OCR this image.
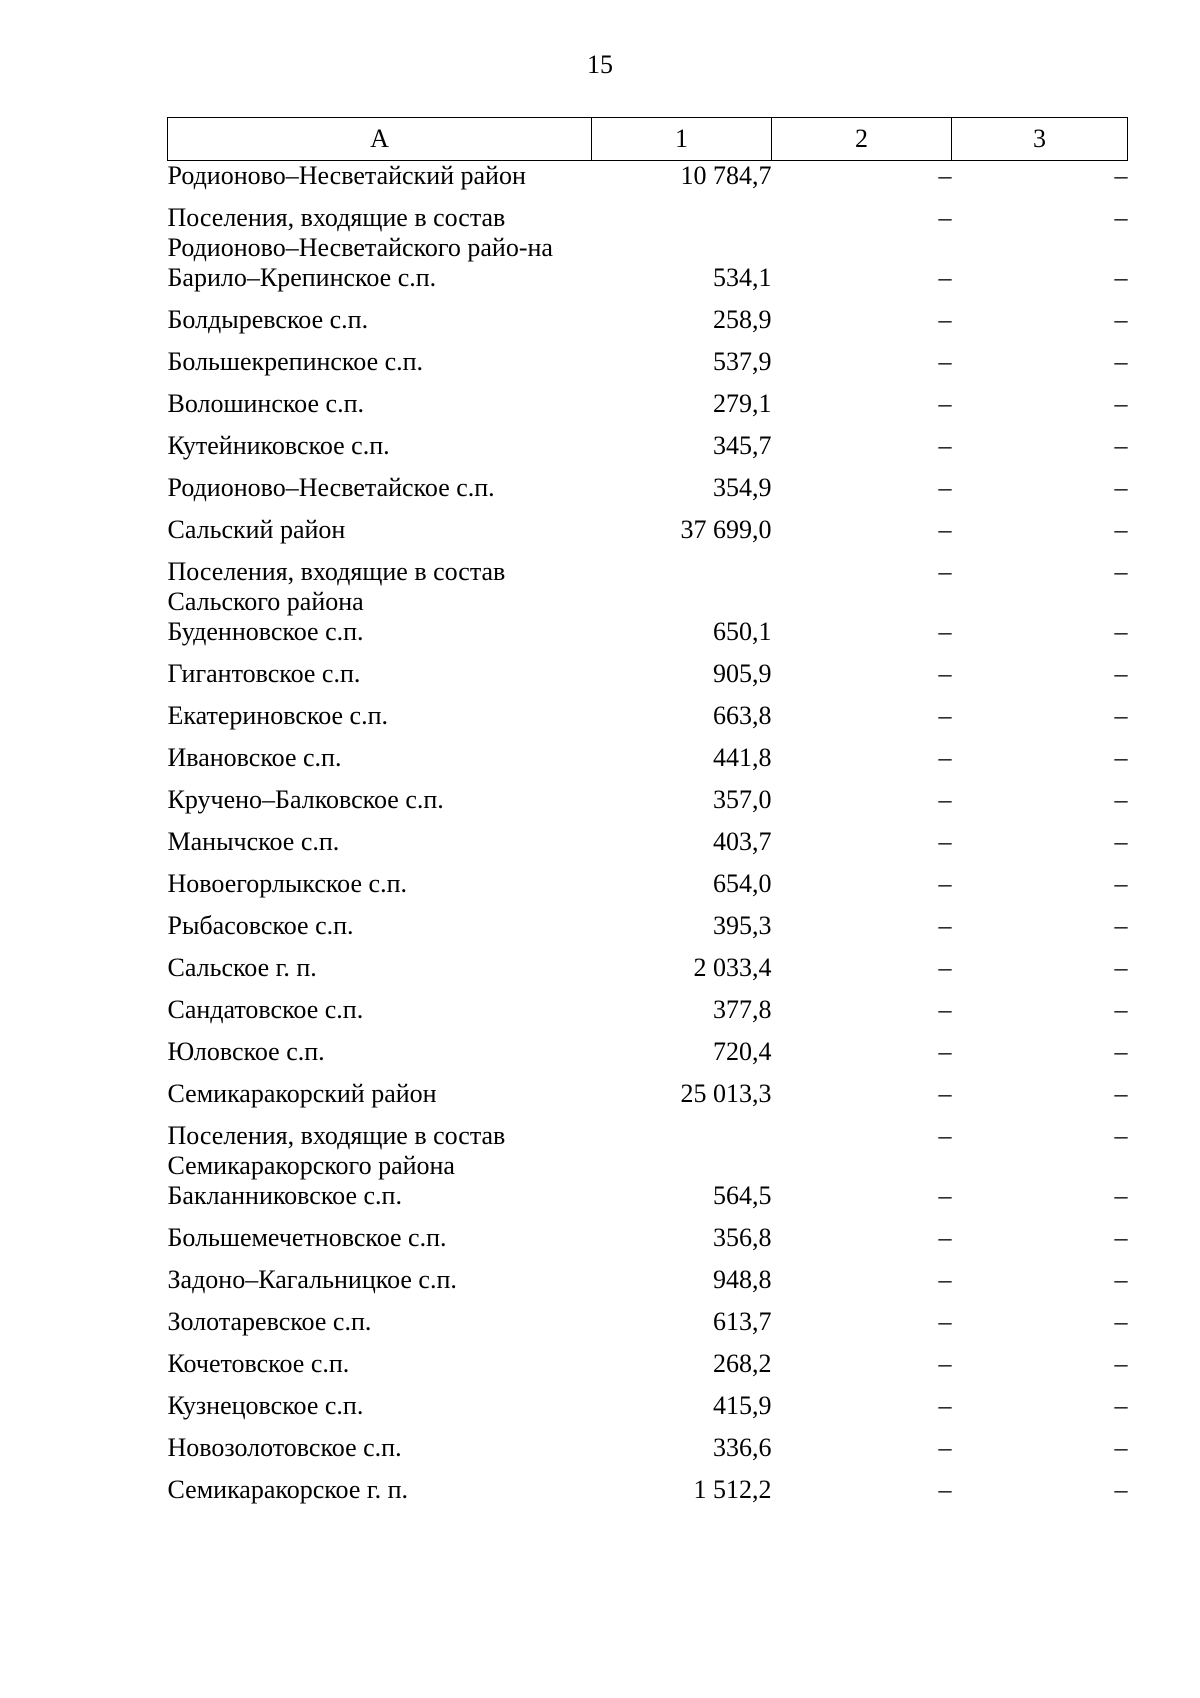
15
А	1	2	3
Родионово–Несветайский район	10 784,7	–	–
Поселения, входящие в состав Родионово–Несветайского райо-на		–	–
Барило–Крепинское с.п.	534,1	–	–
Болдыревское с.п.	258,9	–	–
Большекрепинское с.п.	537,9	–	–
Волошинское с.п.	279,1	–	–
Кутейниковское с.п.	345,7	–	–
Родионово–Несветайское с.п.	354,9	–	–
Сальский район	37 699,0	–	–
Поселения, входящие в состав Сальского района		–	–
Буденновское с.п.	650,1	–	–
Гигантовское с.п.	905,9	–	–
Екатериновское с.п.	663,8	–	–
Ивановское с.п.	441,8	–	–
Кручено–Балковское с.п.	357,0	–	–
Манычское с.п.	403,7	–	–
Новоегорлыкское с.п.	654,0	–	–
Рыбасовское с.п.	395,3	–	–
Сальское г. п.	2 033,4	–	–
Сандатовское с.п.	377,8	–	–
Юловское с.п.	720,4	–	–
Семикаракорский район	25 013,3	–	–
Поселения, входящие в состав Семикаракорского района		–	–
Бакланниковское с.п.	564,5	–	–
Большемечетновское с.п.	356,8	–	–
Задоно–Кагальницкое с.п.	948,8	–	–
Золотаревское с.п.	613,7	–	–
Кочетовское с.п.	268,2	–	–
Кузнецовское с.п.	415,9	–	–
Новозолотовское с.п.	336,6	–	–
Семикаракорское г. п.	1 512,2	–	–
